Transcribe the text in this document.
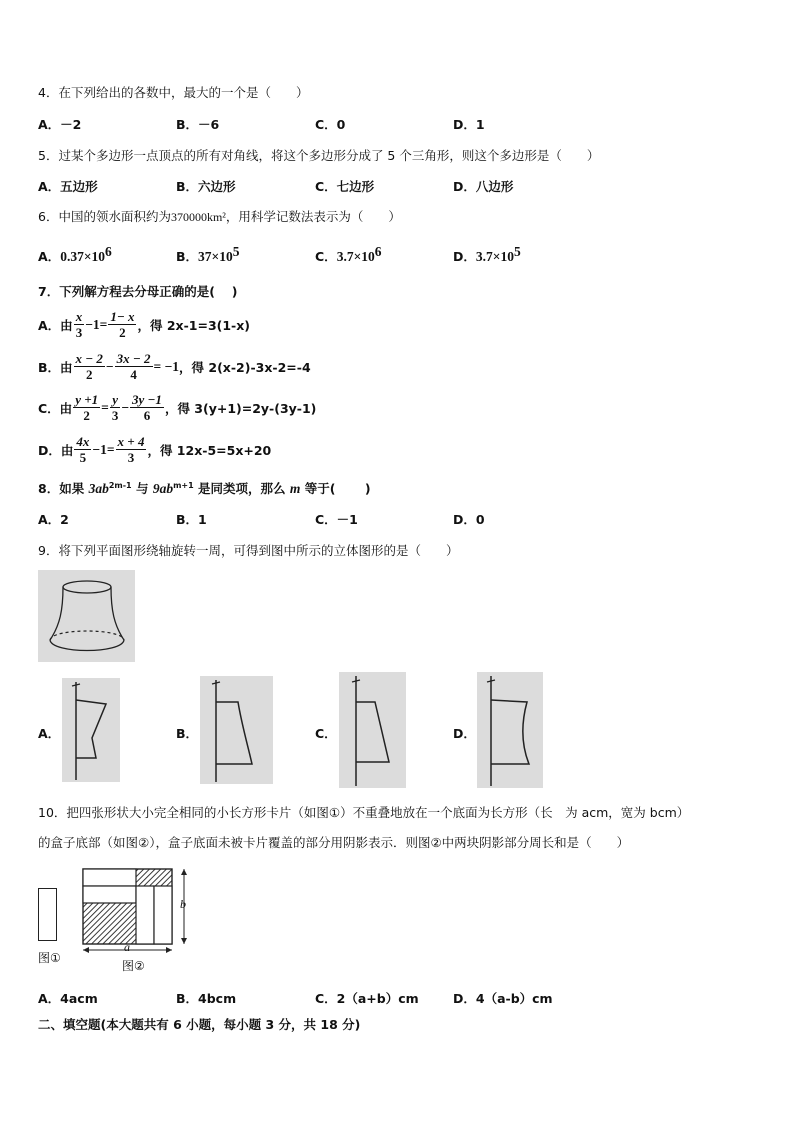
4．在下列给出的各数中，最大的一个是（　　）
A．－2	B．－6	C．0	D．1
5．过某个多边形一点顶点的所有对角线，将这个多边形分成了 5 个三角形，则这个多边形是（　　）
A．五边形	B．六边形	C．七边形	D．八边形
6．中国的领水面积约为370000km²，用科学记数法表示为（　　）
A．$0.37\times 10^6$	B．$37\times 10^5$	C．$3.7\times 10^6$	D．$3.7\times 10^5$
7．下列解方程去分母正确的是(　 )
A．由 $\frac{x}{3} -1= \frac{1- x}{2}$ ，得 2x-1=3(1-x)
B．由 $\frac{x - 2}{2} - \frac{3x - 2}{4} = -1$ ，得 2(x-2)-3x-2=-4
C．由 $\frac{y +1}{2} = \frac{y}{3} - \frac{3y -1}{6}$ ，得 3(y+1)=2y-(3y-1)
D．由 $\frac{4x}{5} -1= \frac{x + 4}{3}$ ，得 12x-5=5x+20
8．如果 $3ab^{2m-1}$ 与 $9ab^{m+1}$ 是同类项，那么 m 等于(　　 )
A．2	B．1	C．－1	D．0
9．将下列平面图形绕轴旋转一周，可得到图中所示的立体图形的是（　　）
A．	B．	C．	D．
10．把四张形状大小完全相同的小长方形卡片（如图①）不重叠地放在一个底面为长方形（长　为 acm，宽为 bcm）
的盒子底部（如图②），盒子底面未被卡片覆盖的部分用阴影表示．则图②中两块阴影部分周长和是（　　）
图①
b
a
图②
A．4acm	B．4bcm	C．2（a+b）cm	D．4（a-b）cm
二、填空题(本大题共有 6 小题，每小题 3 分，共 18 分)
